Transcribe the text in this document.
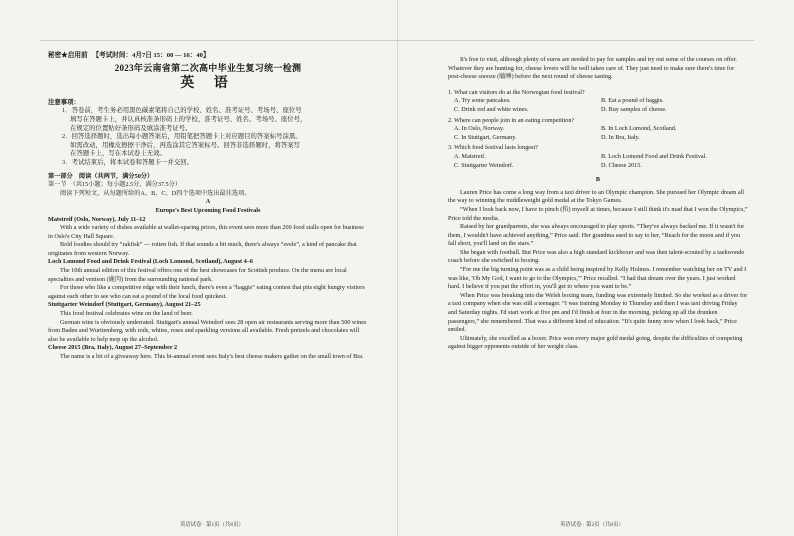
秘密★启用前 【考试时间：4月7日 15：00 — 16：40】

2023年云南省第二次高中毕业生复习统一检测

英 语

注意事项：

1．答卷前，考生务必用黑色碳素笔将自己的学校、姓名、准考证号、考场号、座位号

填写在答题卡上，并认真核准条形码上的学校、准考证号、姓名、考场号、座位号，

在规定的位置贴好条形码及填涂准考证号。

2．回答选择题时，选出每小题答案后，用铅笔把答题卡上对应题目的答案标号涂黑。

如需改动，用橡皮擦擦干净后，再选涂其它答案标号。回答非选择题时，将答案写

在答题卡上，写在本试卷上无效。

3．考试结束后，将本试卷和答题卡一并交回。

第一部分　阅读（共两节，满分50分）

第一节　（共15小题；每小题2.5分，满分37.5分）

阅读下列短文，从每题所给的A、B、C、D四个选项中选出最佳选项。

A

Europe's Best Upcoming Food Festivals

Matstreif (Oslo, Norway), July 11–12

With a wide variety of dishes available at wallet-sparing prices, this event sees more than 200 food stalls open for business in Oslo's City Hall Square.

Bold foodies should try “rakfisk” — rotten fish. If that sounds a bit much, there's always “svele”, a kind of pancake that originates from western Norway.

Loch Lomond Food and Drink Festival (Loch Lomond, Scotland), August 4–6

The 10th annual edition of this festival offers one of the best showcases for Scottish produce. On the menu are local specialties and venison (鹿肉) from the surrounding national park.

For those who like a competitive edge with their lunch, there's even a “haggis” eating contest that pits eight hungry visitors against each other to see who can eat a pound of the local food quickest.

Stuttgarter Weindorf (Stuttgart, Germany), August 21–25

This food festival celebrates wine on the land of beer.

German wine is obviously underrated. Stuttgart's annual Weindorf sees 28 open air restaurants serving more than 500 wines from Baden and Wurttemberg, with rods, whites, roses and sparkling versions all available. Fresh pretzels and chocolates will also be available to help mop up the alcohol.

Cheese 2015 (Bra, Italy), August 27–September 2

The name is a bit of a giveaway here. This bi-annual event sees Italy's best cheese makers gather on the small town of Bra.

It's free to visit, although plenty of euros are needed to pay for samples and try out some of the courses on offer. Whatever they are hunting for, cheese lovers will be well taken care of. They just need to make sure there's time for post-cheese snooze (瞌睡) before the next round of cheese tasting.

1. What can visitors do at the Norwegian food festival?

A. Try some pancakes.	B. Eat a pound of haggis.
C. Drink red and white wines.	D. Buy samples of cheese.

2. Where can people join in an eating competition?

A. In Oslo, Norway.	B. In Loch Lomond, Scotland.
C. In Stuttgart, Germany.	D. In Bra, Italy.

3. Which food festival lasts longest?

A. Matstreif.	B. Loch Lomond Food and Drink Festival.
C. Stuttgarter Weindorf.	D. Cheese 2015.

B

Lauren Price has come a long way from a taxi driver to an Olympic champion. She pursued her Olympic dream all the way to winning the middleweight gold medal at the Tokyo Games.

“When I look back now, I have to pinch (掐) myself at times, because I still think it's mad that I won the Olympics,” Price told the media.

Raised by her grandparents, she was always encouraged to play sports. “They've always backed me. If it wasn't for them, I wouldn't have achieved anything,” Price said. Her grandma used to say to her, “Reach for the moon and if you fall short, you'll land on the stars.”

She began with football. But Price was also a high standard kickboxer and was then talent-scouted by a taekwondo coach before she switched to boxing.

“For me the big turning point was as a child being inspired by Kelly Holmes. I remember watching her on TV and I was like, 'Oh My God, I want to go to the Olympics,'” Price recalled. “I had that dream over the years. I just worked hard. I believe if you put the effort in, you'll get to where you want to be.”

When Price was breaking into the Welsh boxing team, funding was extremely limited. So she worked as a driver for a taxi company when she was still a teenager. “I was training Monday to Thursday and then I was taxi driving Friday and Saturday nights. I'd start work at five pm and I'd finish at four in the morning, picking up all the drunken passengers,” she remembered. That was a different kind of education. “It's quite funny now when I look back,” Price smiled.

Ultimately, she excelled as a boxer. Price won every major gold medal going, despite the difficulties of competing against bigger opponents outside of her weight class.

英语试卷 · 第1页（共8页）	英语试卷 · 第2页（共8页）
